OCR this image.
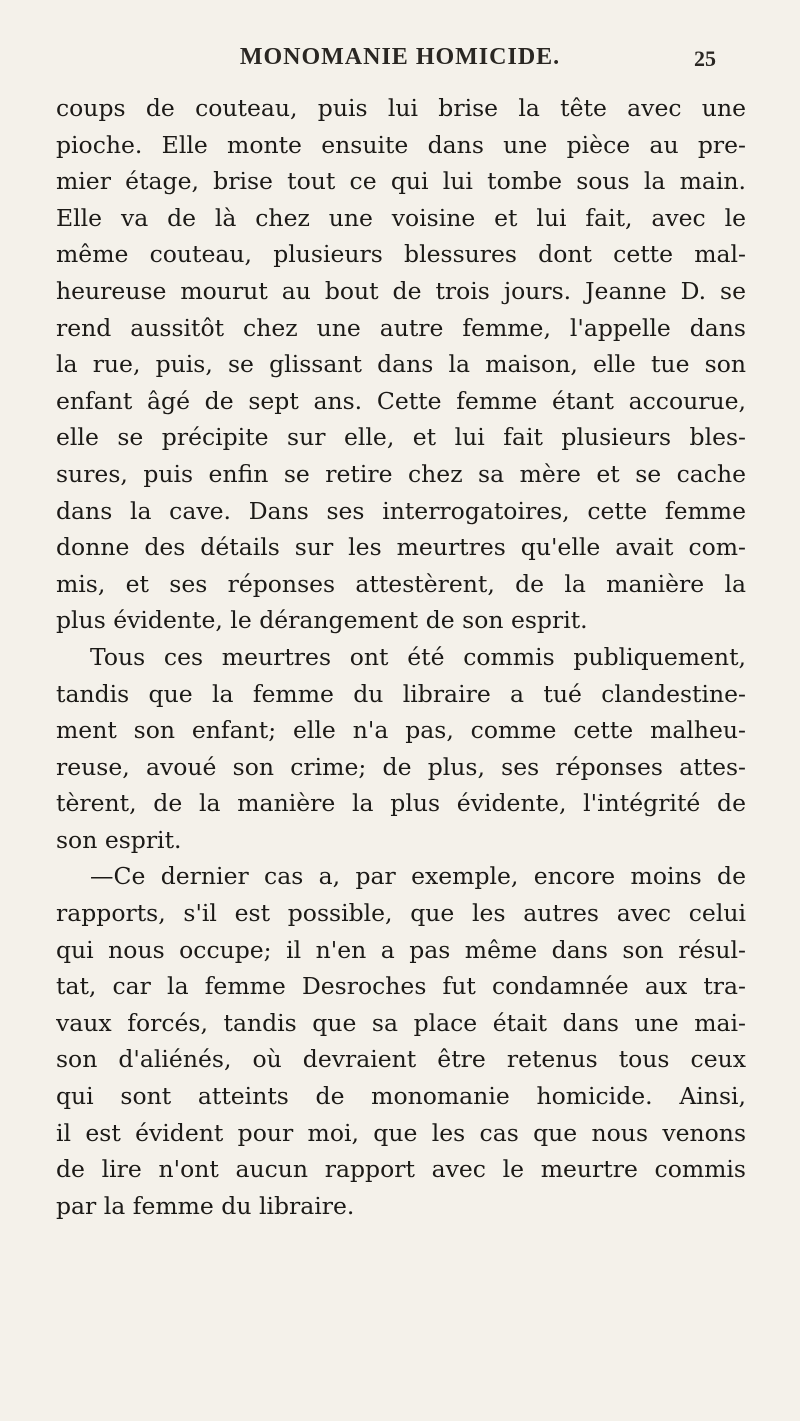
MONOMANIE HOMICIDE.	25
coups de couteau, puis lui brise la tête avec une
pioche. Elle monte ensuite dans une pièce au pre-
mier étage, brise tout ce qui lui tombe sous la main.
Elle va de là chez une voisine et lui fait, avec le
même couteau, plusieurs blessures dont cette mal-
heureuse mourut au bout de trois jours. Jeanne D. se
rend aussitôt chez une autre femme, l'appelle dans
la rue, puis, se glissant dans la maison, elle tue son
enfant âgé de sept ans. Cette femme étant accourue,
elle se précipite sur elle, et lui fait plusieurs bles-
sures, puis enfin se retire chez sa mère et se cache
dans la cave. Dans ses interrogatoires, cette femme
donne des détails sur les meurtres qu'elle avait com-
mis, et ses réponses attestèrent, de la manière la
plus évidente, le dérangement de son esprit.
Tous ces meurtres ont été commis publiquement,
tandis que la femme du libraire a tué clandestine-
ment son enfant; elle n'a pas, comme cette malheu-
reuse, avoué son crime; de plus, ses réponses attes-
tèrent, de la manière la plus évidente, l'intégrité de
son esprit.
—Ce dernier cas a, par exemple, encore moins de
rapports, s'il est possible, que les autres avec celui
qui nous occupe; il n'en a pas même dans son résul-
tat, car la femme Desroches fut condamnée aux tra-
vaux forcés, tandis que sa place était dans une mai-
son d'aliénés, où devraient être retenus tous ceux
qui sont atteints de monomanie homicide. Ainsi,
il est évident pour moi, que les cas que nous venons
de lire n'ont aucun rapport avec le meurtre commis
par la femme du libraire.
